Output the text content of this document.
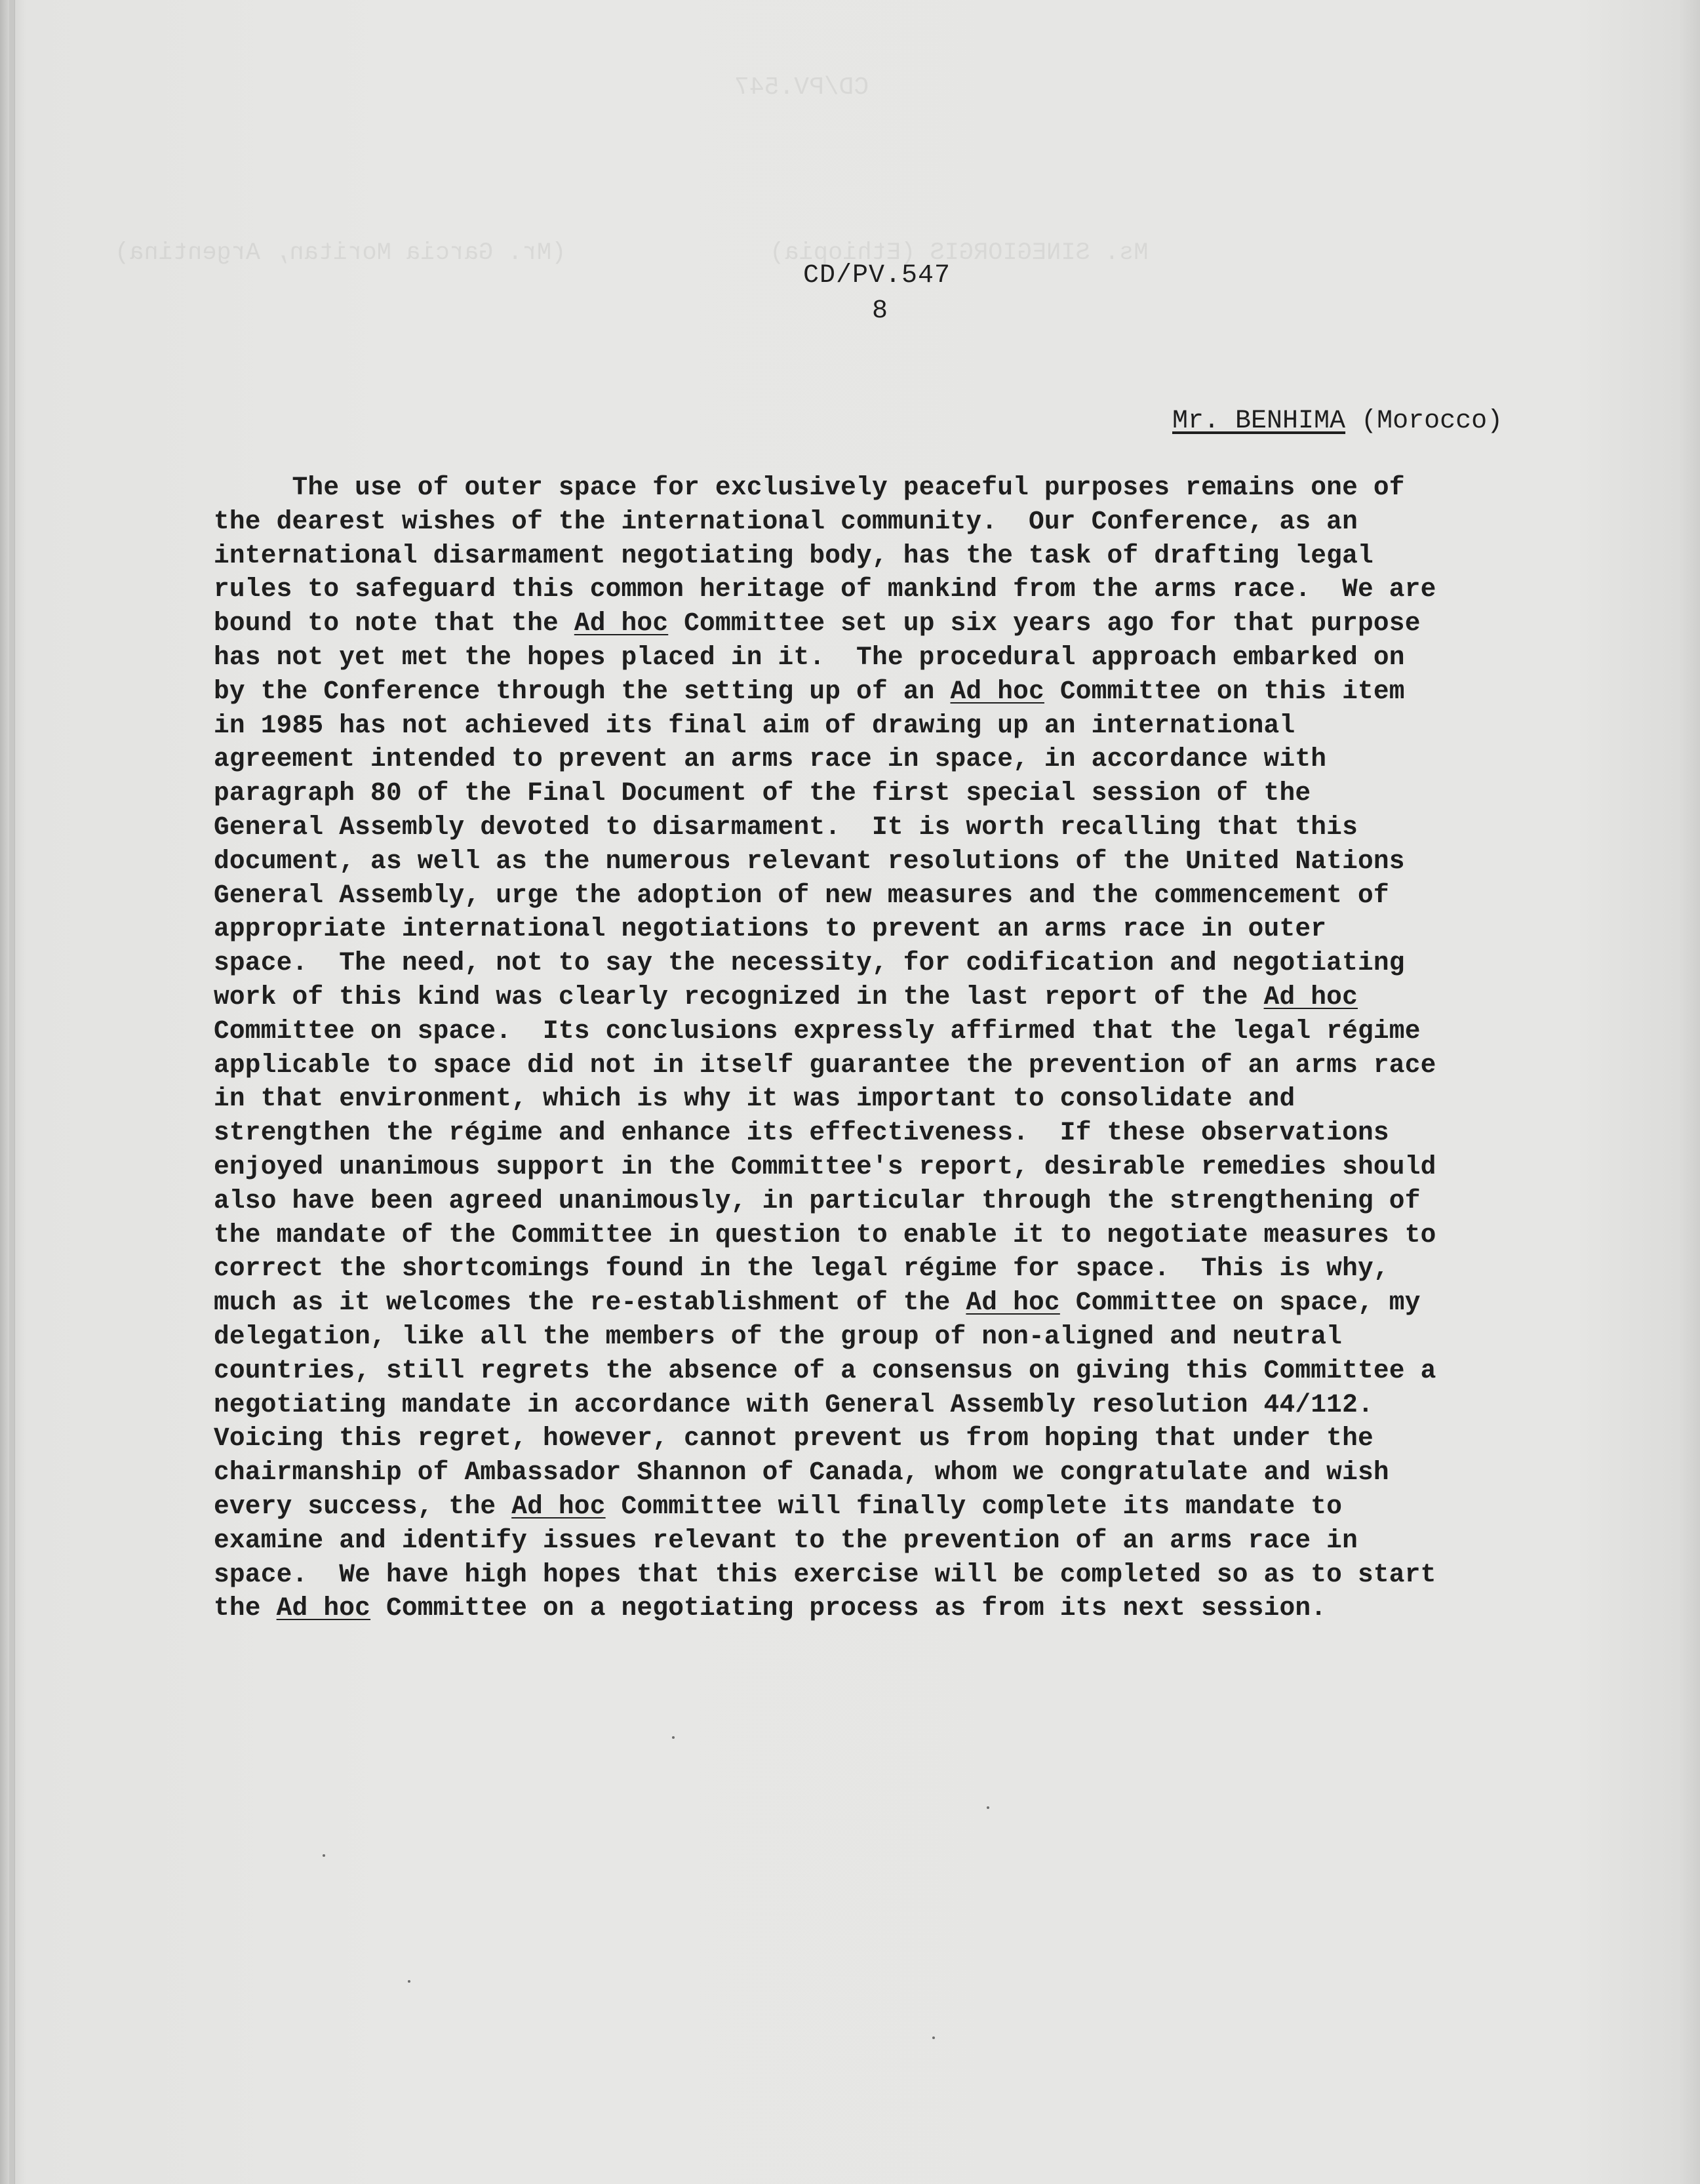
CD/PV.547
Ms. SINEGIORGIS (Ethiopia)              (Mr. Garcia Moritan, Argentina)
CD/PV.547
8
Mr. BENHIMA (Morocco)
The use of outer space for exclusively peaceful purposes remains one of
the dearest wishes of the international community.  Our Conference, as an
international disarmament negotiating body, has the task of drafting legal
rules to safeguard this common heritage of mankind from the arms race.  We are
bound to note that the Ad hoc Committee set up six years ago for that purpose
has not yet met the hopes placed in it.  The procedural approach embarked on
by the Conference through the setting up of an Ad hoc Committee on this item
in 1985 has not achieved its final aim of drawing up an international
agreement intended to prevent an arms race in space, in accordance with
paragraph 80 of the Final Document of the first special session of the
General Assembly devoted to disarmament.  It is worth recalling that this
document, as well as the numerous relevant resolutions of the United Nations
General Assembly, urge the adoption of new measures and the commencement of
appropriate international negotiations to prevent an arms race in outer
space.  The need, not to say the necessity, for codification and negotiating
work of this kind was clearly recognized in the last report of the Ad hoc
Committee on space.  Its conclusions expressly affirmed that the legal régime
applicable to space did not in itself guarantee the prevention of an arms race
in that environment, which is why it was important to consolidate and
strengthen the régime and enhance its effectiveness.  If these observations
enjoyed unanimous support in the Committee's report, desirable remedies should
also have been agreed unanimously, in particular through the strengthening of
the mandate of the Committee in question to enable it to negotiate measures to
correct the shortcomings found in the legal régime for space.  This is why,
much as it welcomes the re-establishment of the Ad hoc Committee on space, my
delegation, like all the members of the group of non-aligned and neutral
countries, still regrets the absence of a consensus on giving this Committee a
negotiating mandate in accordance with General Assembly resolution 44/112.
Voicing this regret, however, cannot prevent us from hoping that under the
chairmanship of Ambassador Shannon of Canada, whom we congratulate and wish
every success, the Ad hoc Committee will finally complete its mandate to
examine and identify issues relevant to the prevention of an arms race in
space.  We have high hopes that this exercise will be completed so as to start
the Ad hoc Committee on a negotiating process as from its next session.
